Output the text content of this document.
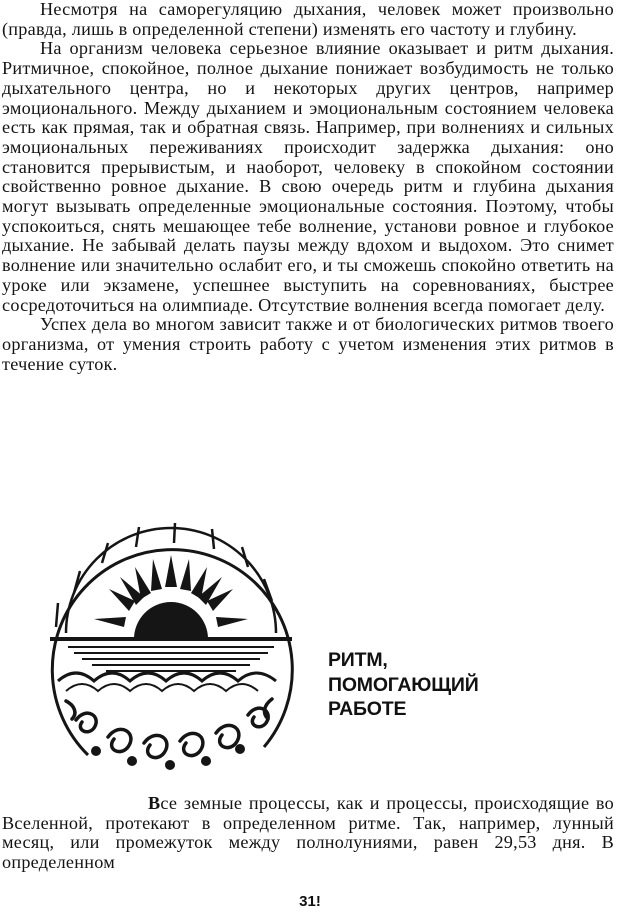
Несмотря на саморегуляцию дыхания, человек может произвольно (правда, лишь в определенной степени) изменять его частоту и глубину.

На организм человека серьезное влияние оказывает и ритм дыхания. Ритмичное, спокойное, полное дыхание понижает возбудимость не только дыхательного центра, но и некоторых других центров, например эмоционального. Между дыханием и эмоциональным состоянием человека есть как прямая, так и обратная связь. Например, при волнениях и сильных эмоциональных переживаниях происходит задержка дыхания: оно становится прерывистым, и наоборот, человеку в спокойном состоянии свойственно ровное дыхание. В свою очередь ритм и глубина дыхания могут вызывать определенные эмоциональные состояния. Поэтому, чтобы успокоиться, снять мешающее тебе волнение, установи ровное и глубокое дыхание. Не забывай делать паузы между вдохом и выдохом. Это снимет волнение или значительно ослабит его, и ты сможешь спокойно ответить на уроке или экзамене, успешнее выступить на соревнованиях, быстрее сосредоточиться на олимпиаде. Отсутствие волнения всегда помогает делу.

Успех дела во многом зависит также и от биологических ритмов твоего организма, от умения строить работу с учетом изменения этих ритмов в течение суток.

РИТМ,
ПОМОГАЮЩИЙ
РАБОТЕ

Все земные процессы, как и процессы, происходящие во Вселенной, протекают в определенном ритме. Так, например, лунный месяц, или промежуток между полнолуниями, равен 29,53 дня. В определенном

31!
